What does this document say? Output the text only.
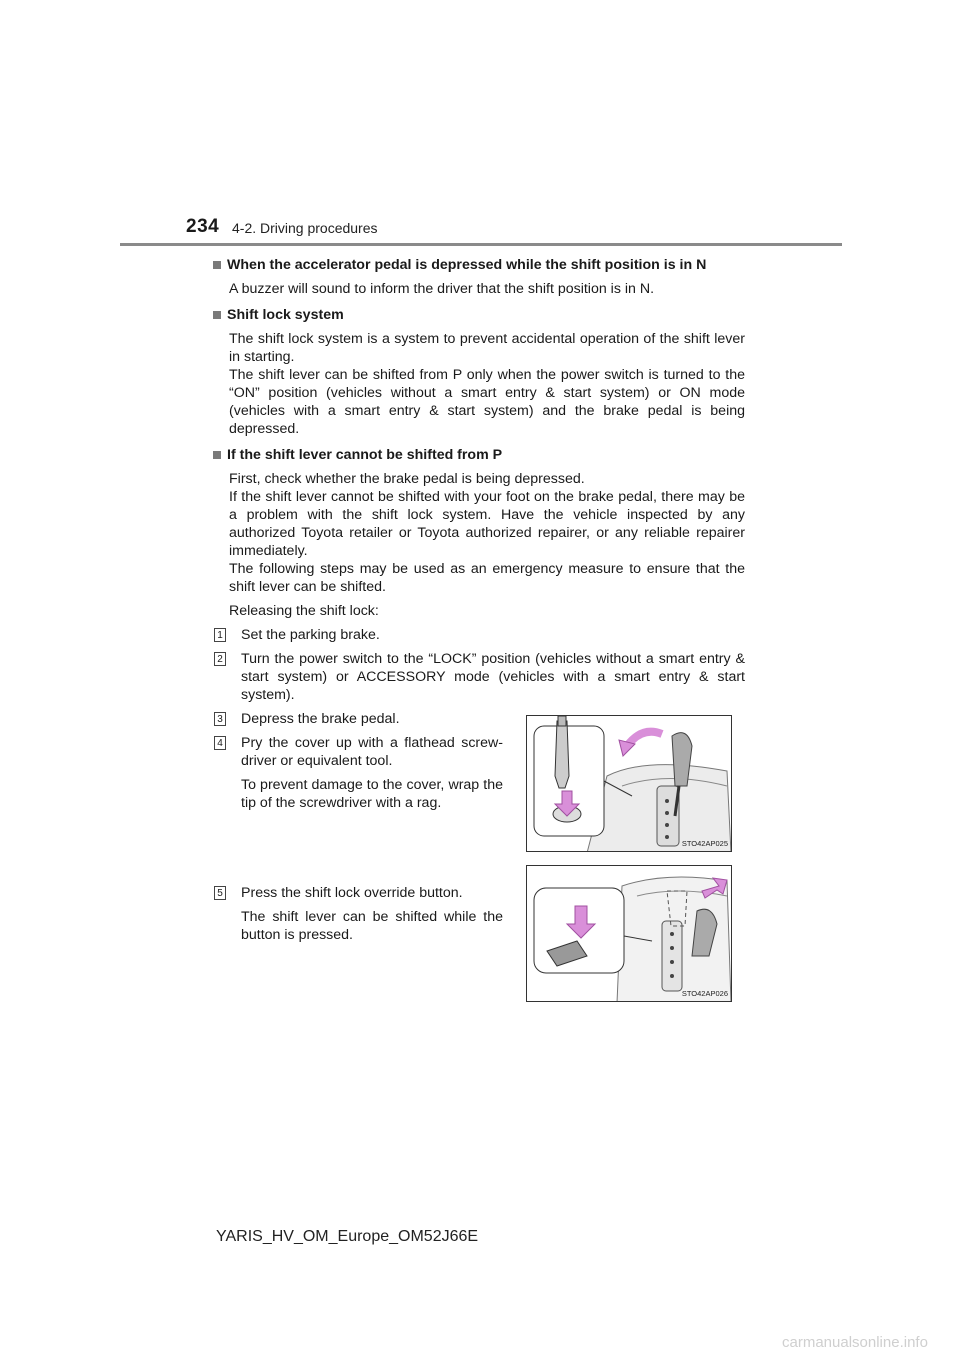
234 4-2. Driving procedures
When the accelerator pedal is depressed while the shift position is in N
A buzzer will sound to inform the driver that the shift position is in N.
Shift lock system
The shift lock system is a system to prevent accidental operation of the shift lever in starting.
The shift lever can be shifted from P only when the power switch is turned to the “ON” position (vehicles without a smart entry & start system) or ON mode (vehicles with a smart entry & start system) and the brake pedal is being depressed.
If the shift lever cannot be shifted from P
First, check whether the brake pedal is being depressed.
If the shift lever cannot be shifted with your foot on the brake pedal, there may be a problem with the shift lock system. Have the vehicle inspected by any authorized Toyota retailer or Toyota authorized repairer, or any reliable repairer immediately.
The following steps may be used as an emergency measure to ensure that the shift lever can be shifted.
Releasing the shift lock:
1 Set the parking brake.
2 Turn the power switch to the “LOCK” position (vehicles without a smart entry & start system) or ACCESSORY mode (vehicles with a smart entry & start system).
3 Depress the brake pedal.
4 Pry the cover up with a flathead screw-driver or equivalent tool.
To prevent damage to the cover, wrap the tip of the screwdriver with a rag.
5 Press the shift lock override button.
The shift lever can be shifted while the button is pressed.
STO42AP025
STO42AP026
YARIS_HV_OM_Europe_OM52J66E
carmanualsonline.info
